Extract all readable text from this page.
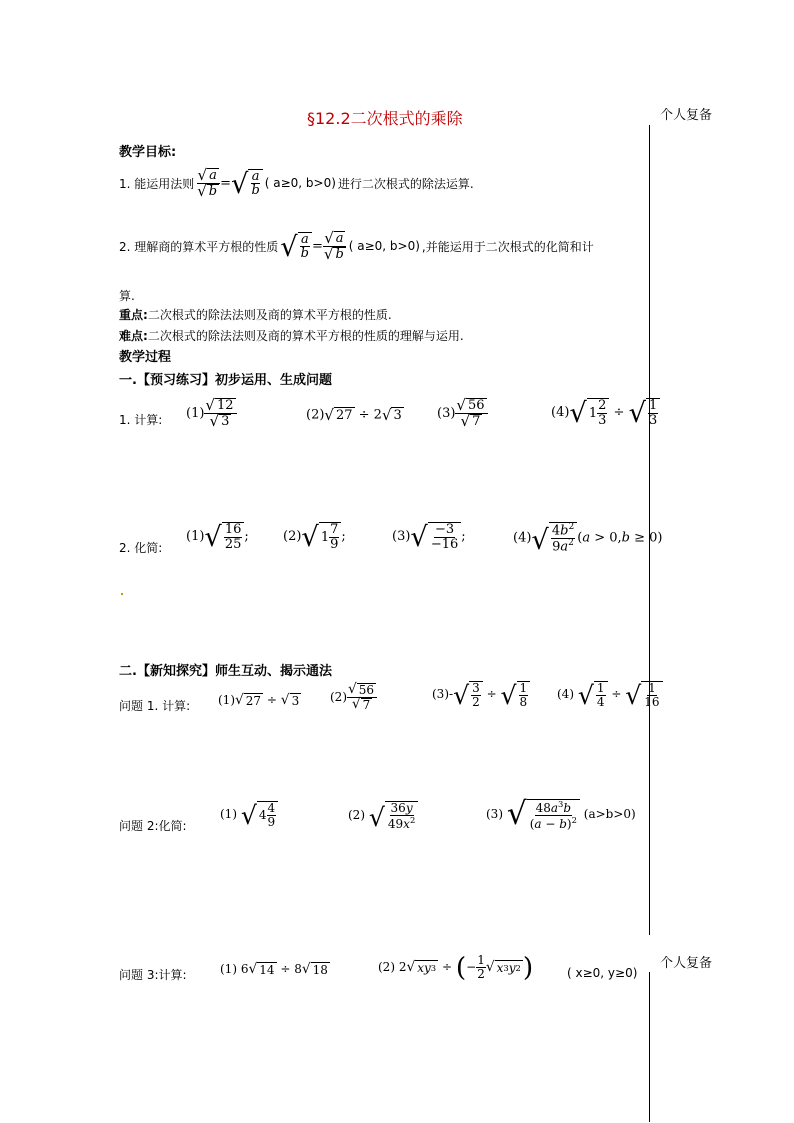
§12.2二次根式的乘除	个人复备
个人复备
教学目标:
1. 能运用法则 $\frac{√ a}{√ b}$ = √ $\frac{a}{b}$ ( a≥0, b>0) 进行二次根式的除法运算.
2. 理解商的算术平方根的性质 √ $\frac{a}{b} = \frac{√ a}{√ b}$ ( a≥0, b>0) ,并能运用于二次根式的化简和计
算.
重点:二次根式的除法法则及商的算术平方根的性质.
难点:二次根式的除法法则及商的算术平方根的性质的理解与运用.
教学过程
一.【预习练习】初步运用、生成问题
1. 计算: $(1) \frac{√ 12}{√ 3}$	(2) √ 27 ÷ 2 √ 3	$(3) \frac{√ 56}{√ 7}$	(4) √ $1 \frac{2}{3}$ ÷ √ $\frac{1}{3}$
2. 化简:
(1) √ $\frac{16}{25}$ ;	(2) √ $1 \frac{7}{9}$ ;	(3) √ $\frac{-3}{-16}$ ;	(4) √ $\frac{4b^2}{9a^2} (a > 0,b \ge 0)$
二.【新知探究】师生互动、揭示通法
问题 1. 计算: (1) √ 27 ÷ √ 3	$(2) \frac{√ 56}{√ 7}$	(3)- √ $\frac{3}{2}$ ÷ √ $\frac{1}{8} (4)$ √ $\frac{1}{4}$ ÷ √ $\frac{1}{16}$
问题 2:化简:
(1) √ $4 \frac{4}{9}$	(2) √ $\frac{36y}{49x^2}$	(3) √ $\frac{48a^3b}{(a - b)^2} (a>b>0)$
问题 3:计算:	(1) 6 √ 14 ÷ 8 √ 18	(2) 2 √ xy 3 ÷ (− $\frac{1}{2}$ √ x 3 y 2 )	( x≥0, y≥0)
